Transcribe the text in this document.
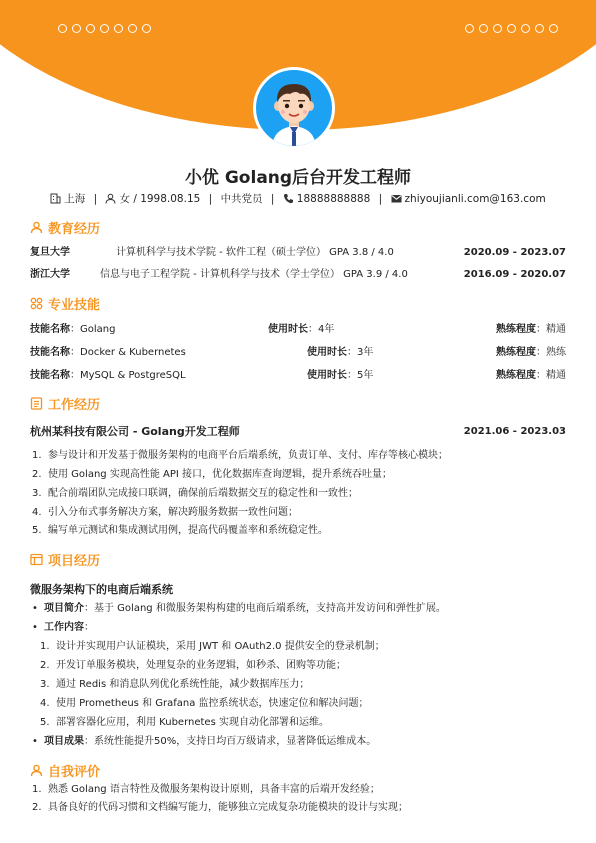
小优 Golang后台开发工程师
上海 | 女 / 1998.08.15 | 中共党员 | 18888888888 | zhiyoujianli.com@163.com
教育经历
复旦大学	计算机科学与技术学院 - 软件工程（硕士学位） GPA 3.8 / 4.0	2020.09 - 2023.07
浙江大学	信息与电子工程学院 - 计算机科学与技术（学士学位） GPA 3.9 / 4.0	2016.09 - 2020.07
专业技能
技能名称：Golang	使用时长：4年	熟练程度：精通
技能名称：Docker & Kubernetes	使用时长：3年	熟练程度：熟练
技能名称：MySQL & PostgreSQL	使用时长：5年	熟练程度：精通
工作经历
杭州某科技有限公司 - Golang开发工程师	2021.06 - 2023.03
1. 参与设计和开发基于微服务架构的电商平台后端系统，负责订单、支付、库存等核心模块；
2. 使用 Golang 实现高性能 API 接口，优化数据库查询逻辑，提升系统吞吐量；
3. 配合前端团队完成接口联调，确保前后端数据交互的稳定性和一致性；
4. 引入分布式事务解决方案，解决跨服务数据一致性问题；
5. 编写单元测试和集成测试用例，提高代码覆盖率和系统稳定性。
项目经历
微服务架构下的电商后端系统
• 项目简介：基于 Golang 和微服务架构构建的电商后端系统，支持高并发访问和弹性扩展。
• 工作内容：
1. 设计并实现用户认证模块，采用 JWT 和 OAuth2.0 提供安全的登录机制；
2. 开发订单服务模块，处理复杂的业务逻辑，如秒杀、团购等功能；
3. 通过 Redis 和消息队列优化系统性能，减少数据库压力；
4. 使用 Prometheus 和 Grafana 监控系统状态，快速定位和解决问题；
5. 部署容器化应用，利用 Kubernetes 实现自动化部署和运维。
• 项目成果：系统性能提升50%，支持日均百万级请求，显著降低运维成本。
自我评价
1. 熟悉 Golang 语言特性及微服务架构设计原则，具备丰富的后端开发经验；
2. 具备良好的代码习惯和文档编写能力，能够独立完成复杂功能模块的设计与实现；
